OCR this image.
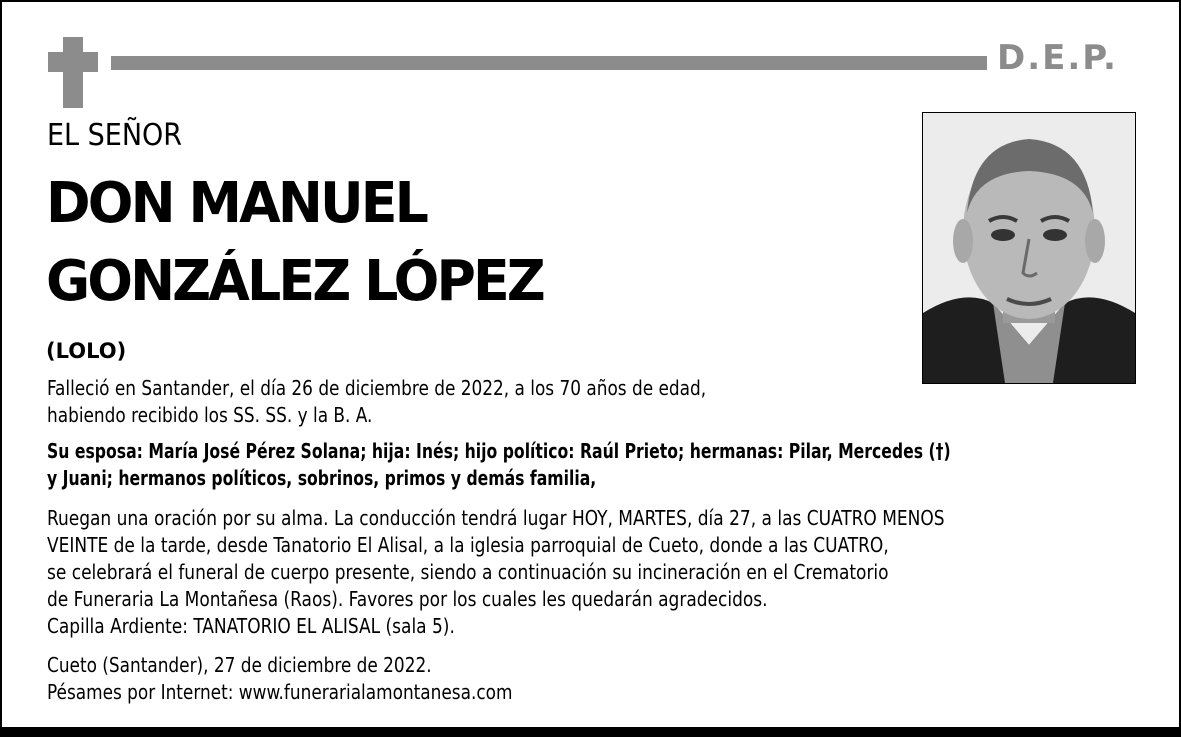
D.E.P.
EL SEÑOR
DON MANUEL
GONZÁLEZ LÓPEZ
(LOLO)
Falleció en Santander, el día 26 de diciembre de 2022, a los 70 años de edad,
habiendo recibido los SS. SS. y la B. A.
Su esposa: María José Pérez Solana; hija: Inés; hijo político: Raúl Prieto; hermanas: Pilar, Mercedes (†)
y Juani; hermanos políticos, sobrinos, primos y demás familia,
Ruegan una oración por su alma. La conducción tendrá lugar HOY, MARTES, día 27, a las CUATRO MENOS
VEINTE de la tarde, desde Tanatorio El Alisal, a la iglesia parroquial de Cueto, donde a las CUATRO,
se celebrará el funeral de cuerpo presente, siendo a continuación su incineración en el Crematorio
de Funeraria La Montañesa (Raos). Favores por los cuales les quedarán agradecidos.
Capilla Ardiente: TANATORIO EL ALISAL (sala 5).
Cueto (Santander), 27 de diciembre de 2022.
Pésames por Internet: www.funerarialamontanesa.com
